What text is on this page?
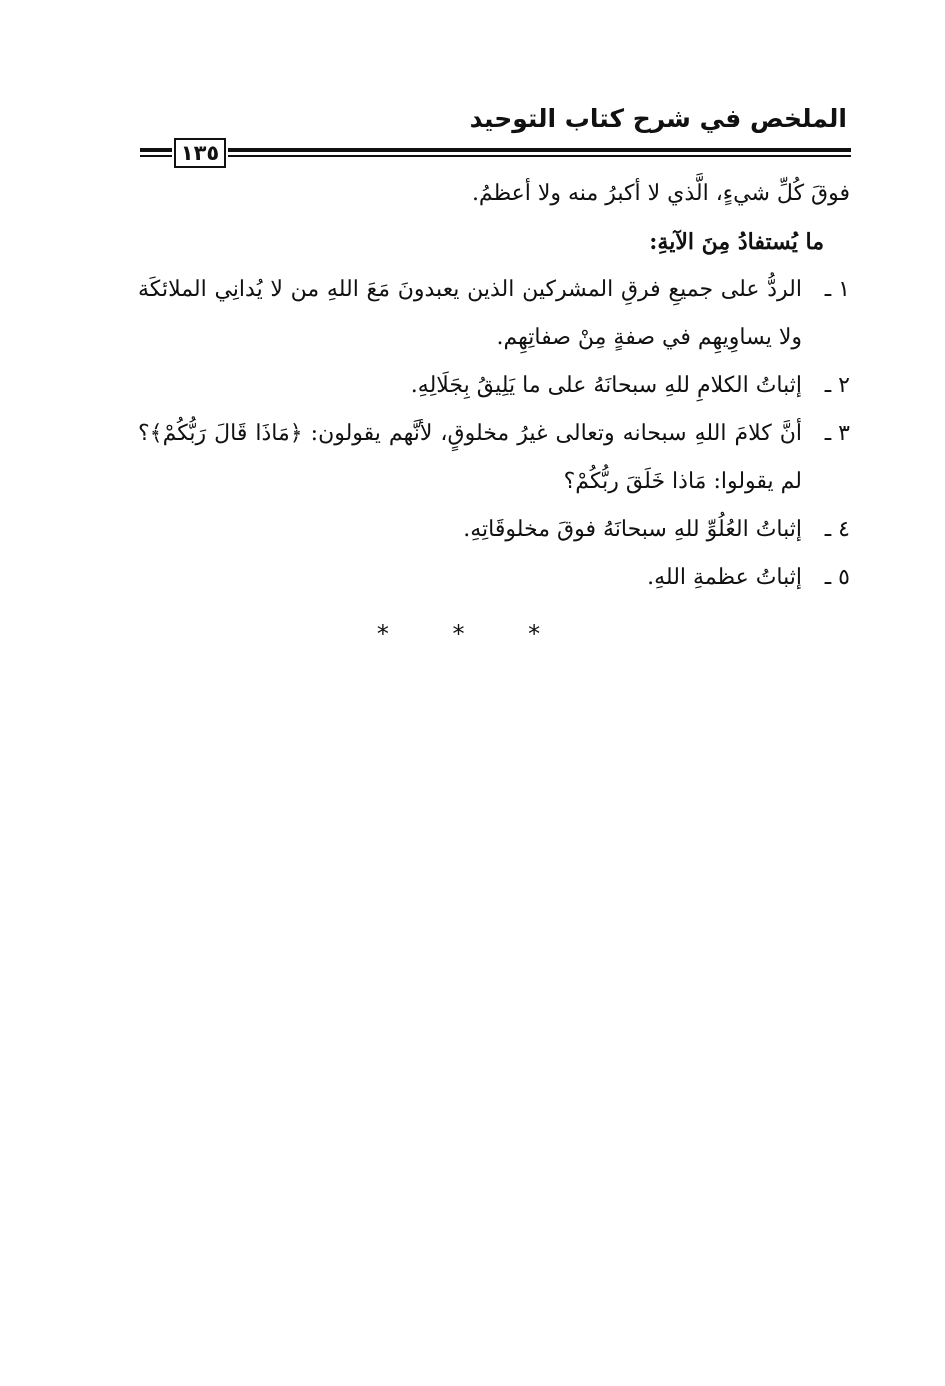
الملخص في شرح كتاب التوحيد
١٣٥

فوقَ كُلِّ شيءٍ، الَّذي لا أكبرُ منه ولا أعظمُ.

ما يُستفادُ مِنَ الآيةِ:

١ ـ
الردُّ على جميعِ فرقِ المشركين الذين يعبدونَ مَعَ اللهِ من لا يُدانِي الملائكَة ولا يساوِيهِم في صفةٍ مِنْ صفاتِهِم.
٢ ـ
إثباتُ الكلامِ للهِ سبحانَهُ على ما يَلِيقُ بِجَلَالِهِ.
٣ ـ
أنَّ كلامَ اللهِ سبحانه وتعالى غيرُ مخلوقٍ، لأنَّهم يقولون: ﴿مَاذَا قَالَ رَبُّكُمْ﴾؟ لم يقولوا: مَاذا خَلَقَ ربُّكُمْ؟
٤ ـ
إثباتُ العُلُوِّ للهِ سبحانَهُ فوقَ مخلوقَاتِهِ.
٥ ـ
إثباتُ عظمةِ اللهِ.
* * *
